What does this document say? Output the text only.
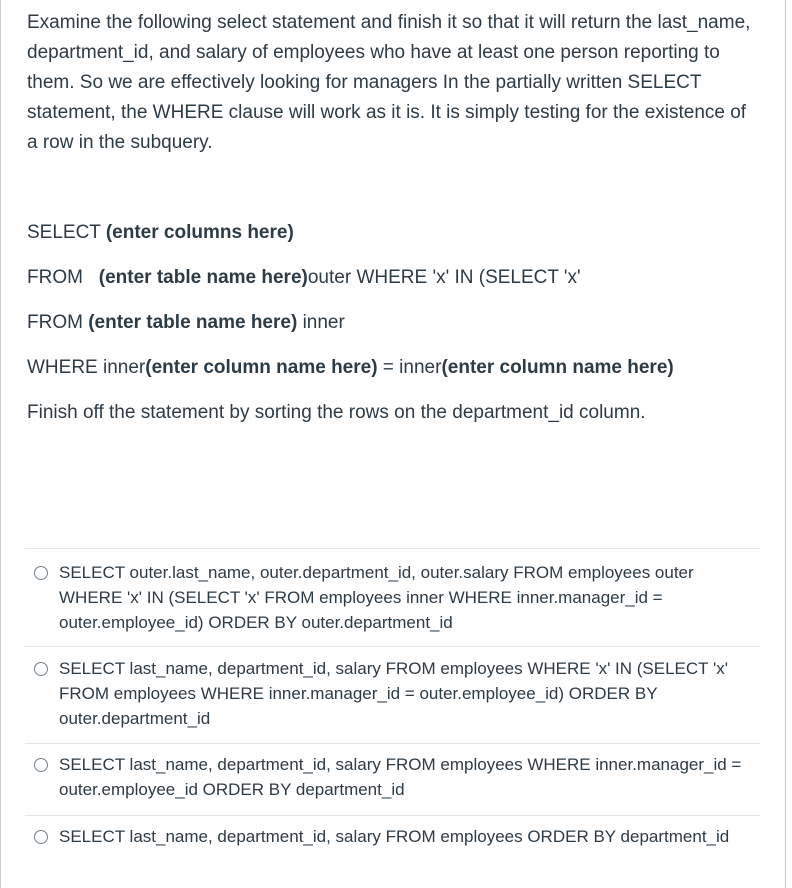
Examine the following select statement and finish it so that it will return the last_name, department_id, and salary of employees who have at least one person reporting to them. So we are effectively looking for managers In the partially written SELECT statement, the WHERE clause will work as it is. It is simply testing for the existence of a row in the subquery.

SELECT (enter columns here)

FROM   (enter table name here)outer WHERE 'x' IN (SELECT 'x'

FROM (enter table name here) inner

WHERE inner(enter column name here) = inner(enter column name here)

Finish off the statement by sorting the rows on the department_id column.

SELECT outer.last_name, outer.department_id, outer.salary FROM employees outer WHERE 'x' IN (SELECT 'x' FROM employees inner WHERE inner.manager_id = outer.employee_id) ORDER BY outer.department_id
SELECT last_name, department_id, salary FROM employees WHERE 'x' IN (SELECT 'x' FROM employees WHERE inner.manager_id = outer.employee_id) ORDER BY outer.department_id
SELECT last_name, department_id, salary FROM employees WHERE inner.manager_id = outer.employee_id ORDER BY department_id
SELECT last_name, department_id, salary FROM employees ORDER BY department_id
